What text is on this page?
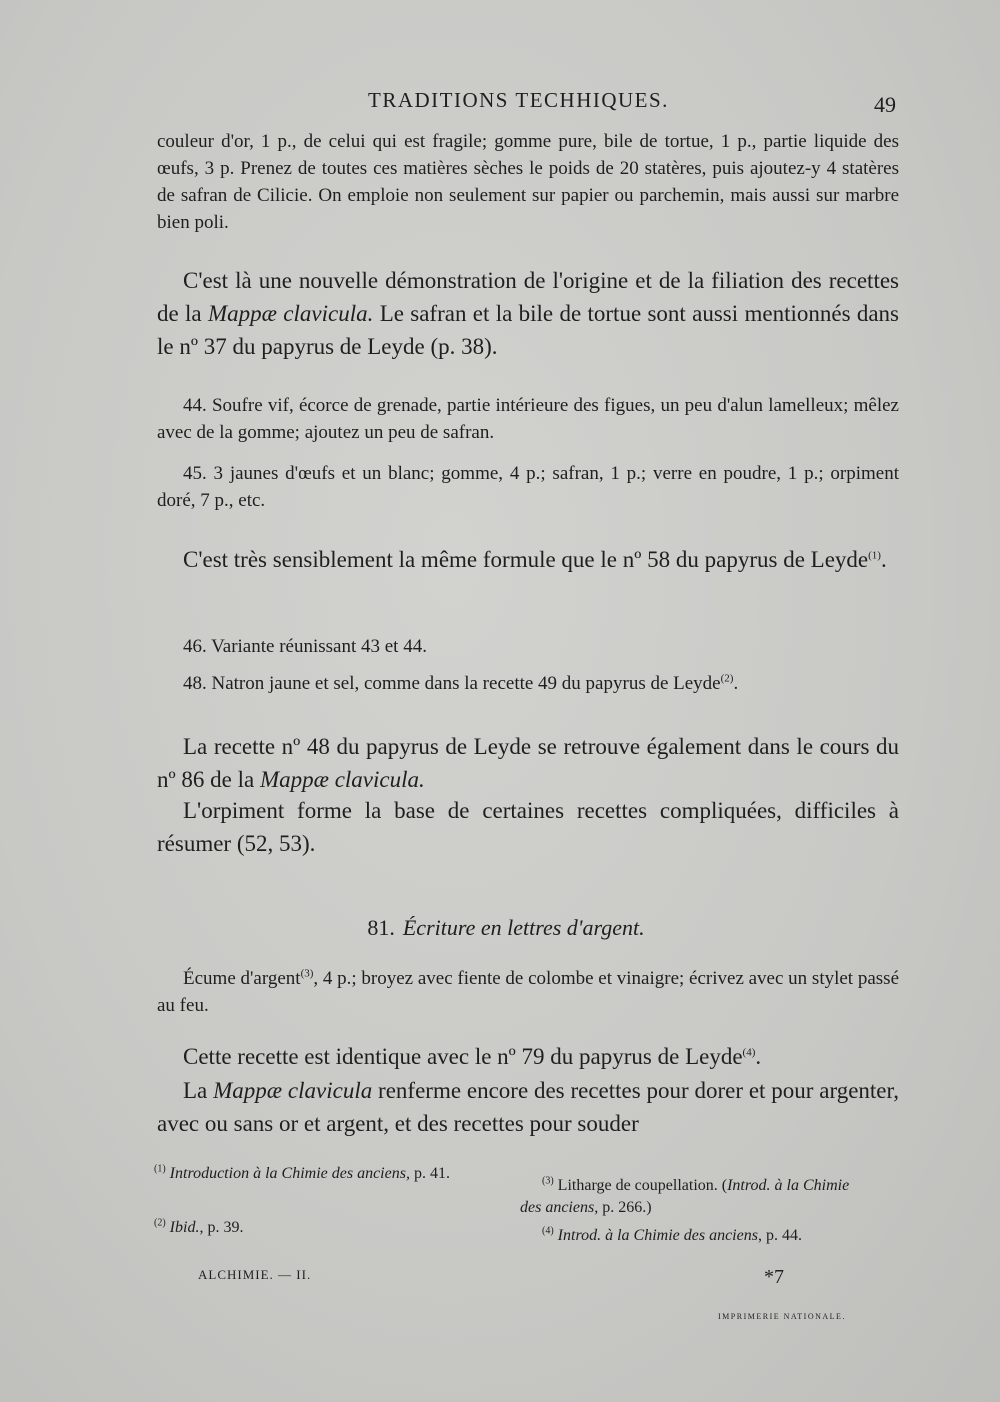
TRADITIONS TECHHIQUES.	49
couleur d'or, 1 p., de celui qui est fragile; gomme pure, bile de tortue, 1 p., partie liquide des œufs, 3 p. Prenez de toutes ces matières sèches le poids de 20 statères, puis ajoutez-y 4 statères de safran de Cilicie. On emploie non seulement sur papier ou parchemin, mais aussi sur marbre bien poli.
C'est là une nouvelle démonstration de l'origine et de la filiation des recettes de la Mappæ clavicula. Le safran et la bile de tortue sont aussi mentionnés dans le nº 37 du papyrus de Leyde (p. 38).
44. Soufre vif, écorce de grenade, partie intérieure des figues, un peu d'alun lamelleux; mêlez avec de la gomme; ajoutez un peu de safran.
45. 3 jaunes d'œufs et un blanc; gomme, 4 p.; safran, 1 p.; verre en poudre, 1 p.; orpiment doré, 7 p., etc.
C'est très sensiblement la même formule que le nº 58 du papyrus de Leyde$^{(1)}$.
46. Variante réunissant 43 et 44.
48. Natron jaune et sel, comme dans la recette 49 du papyrus de Leyde$^{(2)}$.
La recette nº 48 du papyrus de Leyde se retrouve également dans le cours du nº 86 de la Mappæ clavicula.
L'orpiment forme la base de certaines recettes compliquées, difficiles à résumer (52, 53).
81. Écriture en lettres d'argent.
Écume d'argent$^{(3)}$, 4 p.; broyez avec fiente de colombe et vinaigre; écrivez avec un stylet passé au feu.
Cette recette est identique avec le nº 79 du papyrus de Leyde$^{(4)}$.
La Mappæ clavicula renferme encore des recettes pour dorer et pour argenter, avec ou sans or et argent, et des recettes pour souder
$^{(1)}$ Introduction à la Chimie des anciens, p. 41.
$^{(2)}$ Ibid., p. 39.
$^{(3)}$ Litharge de coupellation. (Introd. à la Chimie des anciens, p. 266.)
$^{(4)}$ Introd. à la Chimie des anciens, p. 44.
ALCHIMIE. — II.	*7
IMPRIMERIE NATIONALE.
